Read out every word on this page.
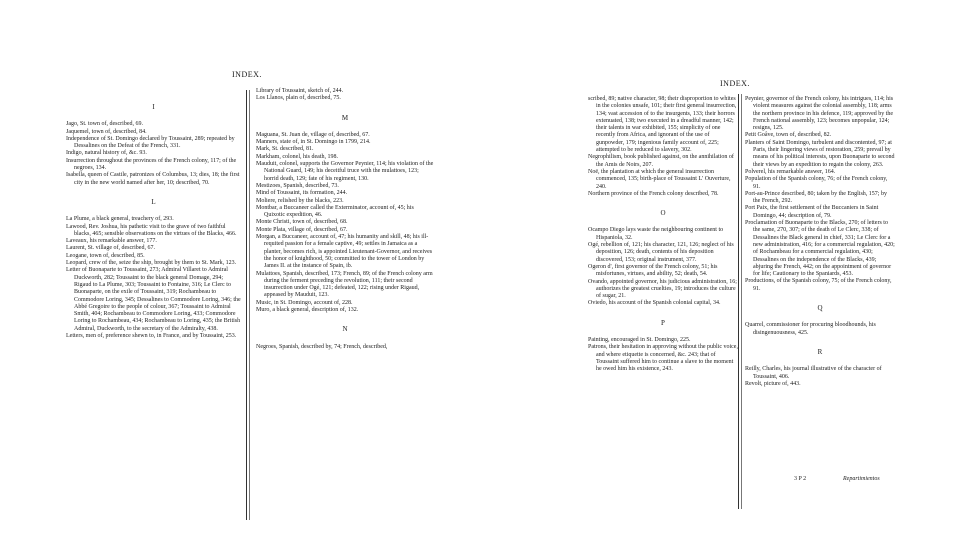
INDEX.
I

Jago, St. town of, described, 69.

Jaquemel, town of, described, 84.

Independence of St. Domingo declared by Toussaint, 289; repeated by Dessalines on the Defeat of the French, 331.

Indigo, natural history of, &c. 93.

Insurrection throughout the provinces of the French colony, 117; of the negroes, 134.

Isabella, queen of Castile, patronizes of Columbus, 13; dies, 18; the first city in the new world named after her, 10; described, 70.

L

La Plume, a black general, treachery of, 293.

Lawood, Rev. Joshua, his pathetic visit to the grave of two faithful blacks, 465; sensible observations on the virtues of the Blacks, 466.

Laveaux, his remarkable answer, 177.

Laurent, St. village of, described, 67.

Leogane, town of, described, 85.

Leopard, crew of the, seize the ship, brought by them to St. Mark, 123.

Letter of Buonaparte to Toussaint, 273; Admiral Villaret to Admiral Duckworth, 282; Toussaint to the black general Domage, 294; Rigaud to La Plume, 303; Toussaint to Fontaine, 316; Le Clerc to Buonaparte, on the exile of Toussaint, 319; Rochambeau to Commodore Loring, 345; Dessalines to Commodore Loring, 346; the Abbé Gregoire to the people of colour, 367; Toussaint to Admiral Smith, 404; Rochambeau to Commodore Loring, 433; Commodore Loring to Rochambeau, 434; Rochambeau to Loring, 435; the British Admiral, Duckworth, to the secretary of the Admiralty, 438.

Letters, men of, preference shewn to, in France, and by Toussaint, 253.

Library of Toussaint, sketch of, 244.

Los Llanos, plain of, described, 75.

M

Maguana, St. Juan de, village of, described, 67.

Manners, state of, in St. Domingo in 1799, 214.

Mark, St. described, 81.

Markham, colonel, his death, 198.

Mauduit, colonel, supports the Governor Peynier, 114; his violation of the National Guard, 149; his deceitful truce with the mulattoes, 123; horrid death, 129; fate of his regiment, 130.

Mestizoes, Spanish, described, 73.

Mind of Toussaint, its formation, 244.

Moliere, relished by the blacks, 223.

Montbar, a Buccaneer called the Exterminator, account of, 45; his Quixotic expedition, 46.

Monte Christi, town of, described, 68.

Monte Plata, village of, described, 67.

Morgan, a Buccaneer, account of, 47; his humanity and skill, 48; his ill-requited passion for a female captive, 49; settles in Jamaica as a planter, becomes rich, is appointed Lieutenant-Governor, and receives the honor of knighthood, 50; committed to the tower of London by James II. at the instance of Spain, ib.

Mulattoes, Spanish, described, 173; French, 89; of the French colony arm during the ferment preceding the revolution, 111; their second insurrection under Ogé, 121; defeated, 122; rising under Rigaud, appeased by Mauduit, 123.

Music, in St. Domingo, account of, 228.

Muro, a black general, description of, 132.

N

Negroes, Spanish, described by, 74; French, described,

INDEX.

scribed, 89; native character, 98; their disproportion to whites in the colonies unsafe, 101; their first general insurrection, 134; vast accession of to the insurgents, 133; their horrors extenuated, 138; two executed in a dreadful manner, 142; their talents in war exhibited, 155; simplicity of one recently from Africa, and ignorant of the use of gunpowder, 179; ingenious family account of, 225; attempted to be reduced to slavery, 302.

Negrophilism, book published against, on the annihilation of the Amis de Noirs, 207.

Noë, the plantation at which the general insurrection commenced, 135; birth-place of Toussaint L' Ouverture, 240.

Northern province of the French colony described, 78.

O

Ocampo Diego lays waste the neighbouring continent to Hispaniola, 32.

Ogé, rebellion of, 121; his character, 121, 126; neglect of his deposition, 126; death, contents of his deposition discovered, 153; original instrument, 377.

Ogeron d', first governor of the French colony, 51; his misfortunes, virtues, and ability, 52; death, 54.

Ovando, appointed governor, his judicious administration, 16; authorizes the greatest cruelties, 19; introduces the culture of sugar, 21.

Oviedo, his account of the Spanish colonial capital, 34.

P

Painting, encouraged in St. Domingo, 225.

Patrons, their hesitation in approving without the public voice, and where etiquette is concerned, &c. 243; that of Toussaint suffered him to continue a slave to the moment he owed him his existence, 243.

Peynier, governor of the French colony, his intrigues, 114; his violent measures against the colonial assembly, 118; arms the northern province in his defence, 119; approved by the French national assembly, 123; becomes unpopular, 124; resigns, 125.

Petit Goâve, town of, described, 82.

Planters of Saint Domingo, turbulent and discontented, 97; at Paris, their lingering views of restoration, 259; prevail by means of his political interests, upon Buonaparte to second their views by an expedition to regain the colony, 263.

Polverel, his remarkable answer, 164.

Population of the Spanish colony, 76; of the French colony, 91.

Port-au-Prince described, 80; taken by the English, 157; by the French, 292.

Port Paix, the first settlement of the Buccaniers in Saint Domingo, 44; description of, 79.

Proclamation of Buonaparte to the Blacks, 270; of letters to the same, 270, 307; of the death of Le Clerc, 338; of Dessalines the Black general in chief, 331; Le Clerc for a new administration, 416; for a commercial regulation, 420; of Rochambeau for a commercial regulation, 430; Dessalines on the independence of the Blacks, 439; abjuring the French, 442; on the appointment of governor for life; Cautionary to the Spaniards, 453.

Productions, of the Spanish colony, 75; of the French colony, 91.

Q

Quarrel, commissioner for procuring bloodhounds, his disingenuousness, 425.

R

Reilly, Charles, his journal illustrative of the character of Toussaint, 406.

Revolt, picture of, 443.

3 P 2	Repartimientos
